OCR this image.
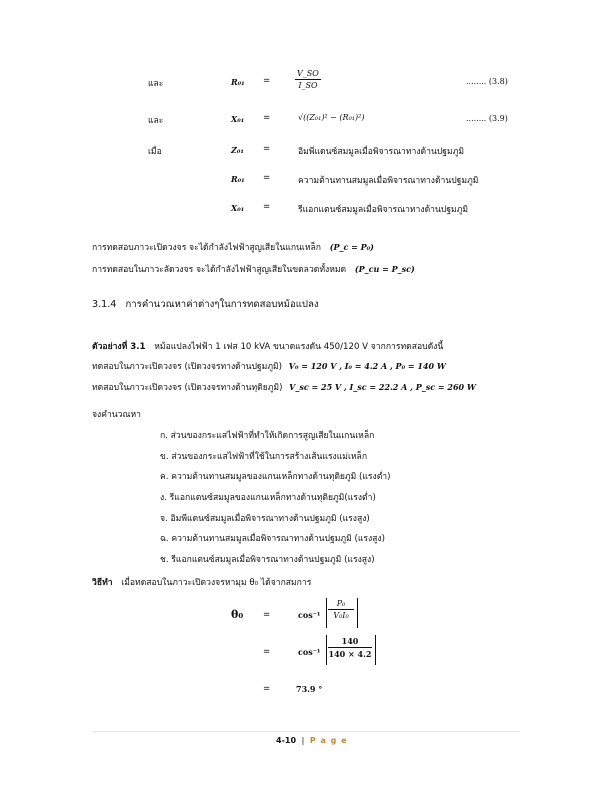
และ	R₀₁ =	$\frac{V\_SO}{I\_SO}$	........ (3.8)
และ	X₀₁ =	√((Z₀₁)² − (R₀₁)²)	........ (3.9)
เมื่อ	Z₀₁ =	อิมพีแดนซ์สมมูลเมื่อพิจารณาทางด้านปฐมภูมิ
R₀₁ =	ความต้านทานสมมูลเมื่อพิจารณาทางด้านปฐมภูมิ
X₀₁ =	รีแอกแตนซ์สมมูลเมื่อพิจารณาทางด้านปฐมภูมิ
การทดสอบภาวะเปิดวงจร จะได้กำลังไฟฟ้าสูญเสียในแกนเหล็ก (P_c = P₀)
การทดสอบในภาวะลัดวงจร จะได้กำลังไฟฟ้าสูญเสียในขดลวดทั้งหมด (P_cu = P_sc)
3.1.4 การคำนวณหาค่าต่างๆในการทดสอบหม้อแปลง
ตัวอย่างที่ 3.1 หม้อแปลงไฟฟ้า 1 เฟส 10 kVA ขนาดแรงดัน 450/120 V จากการทดสอบดังนี้
ทดสอบในภาวะเปิดวงจร (เปิดวงจรทางด้านปฐมภูมิ) V₀ = 120 V , I₀ = 4.2 A , P₀ = 140 W
ทดสอบในภาวะเปิดวงจร (เปิดวงจรทางด้านทุติยภูมิ) V_sc = 25 V , I_sc = 22.2 A , P_sc = 260 W
จงคำนวณหา
ก. ส่วนของกระแสไฟฟ้าที่ทำให้เกิดการสูญเสียในแกนเหล็ก
ข. ส่วนของกระแสไฟฟ้าที่ใช้ในการสร้างเส้นแรงแม่เหล็ก
ค. ความต้านทานสมมูลของแกนเหล็กทางด้านทุติยภูมิ (แรงต่ำ)
ง. รีแอกแตนซ์สมมูลของแกนเหล็กทางด้านทุติยภูมิ(แรงต่ำ)
จ. อิมพีแดนซ์สมมูลเมื่อพิจารณาทางด้านปฐมภูมิ (แรงสูง)
ฉ. ความต้านทานสมมูลเมื่อพิจารณาทางด้านปฐมภูมิ (แรงสูง)
ช. รีแอกแตนซ์สมมูลเมื่อพิจารณาทางด้านปฐมภูมิ (แรงสูง)
วิธีทำ เมื่อทดสอบในภาวะเปิดวงจรหามุม θ₀ ได้จากสมการ
θ₀ =	$\cos^{-1} \frac{\text{P₀}}{\text{V₀I₀}}$
=	$\cos^{-1} \frac{140}{140 \times 4.2}$
=	73.9 °
4-10 | P a g e
